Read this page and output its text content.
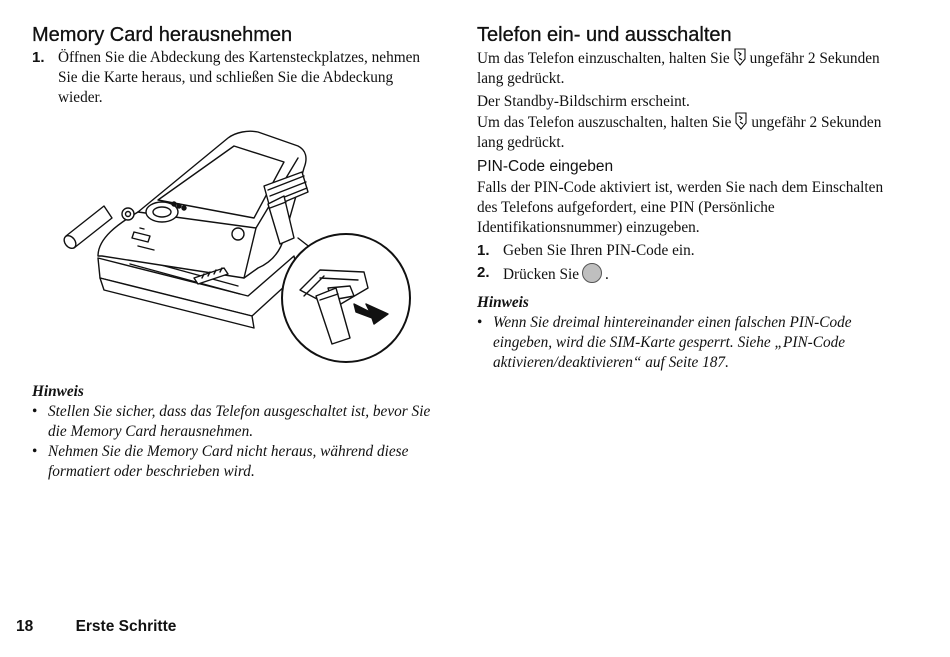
Memory Card herausnehmen
1. Öffnen Sie die Abdeckung des Kartensteckplatzes, nehmen Sie die Karte heraus, und schließen Sie die Abdeckung wieder.
Hinweis
• Stellen Sie sicher, dass das Telefon ausgeschaltet ist, bevor Sie die Memory Card herausnehmen.
• Nehmen Sie die Memory Card nicht heraus, während diese formatiert oder beschrieben wird.
Telefon ein- und ausschalten

Um das Telefon einzuschalten, halten Sie ungefähr 2 Sekunden lang gedrückt.

Der Standby-Bildschirm erscheint.

Um das Telefon auszuschalten, halten Sie ungefähr 2 Sekunden lang gedrückt.

PIN-Code eingeben

Falls der PIN-Code aktiviert ist, werden Sie nach dem Einschalten des Telefons aufgefordert, eine PIN (Persönliche Identifikationsnummer) einzugeben.

1. Geben Sie Ihren PIN-Code ein.
2. Drücken Sie .
Hinweis
• Wenn Sie dreimal hintereinander einen falschen PIN-Code eingeben, wird die SIM-Karte gesperrt. Siehe „PIN-Code aktivieren/deaktivieren“ auf Seite 187.
18	Erste Schritte
